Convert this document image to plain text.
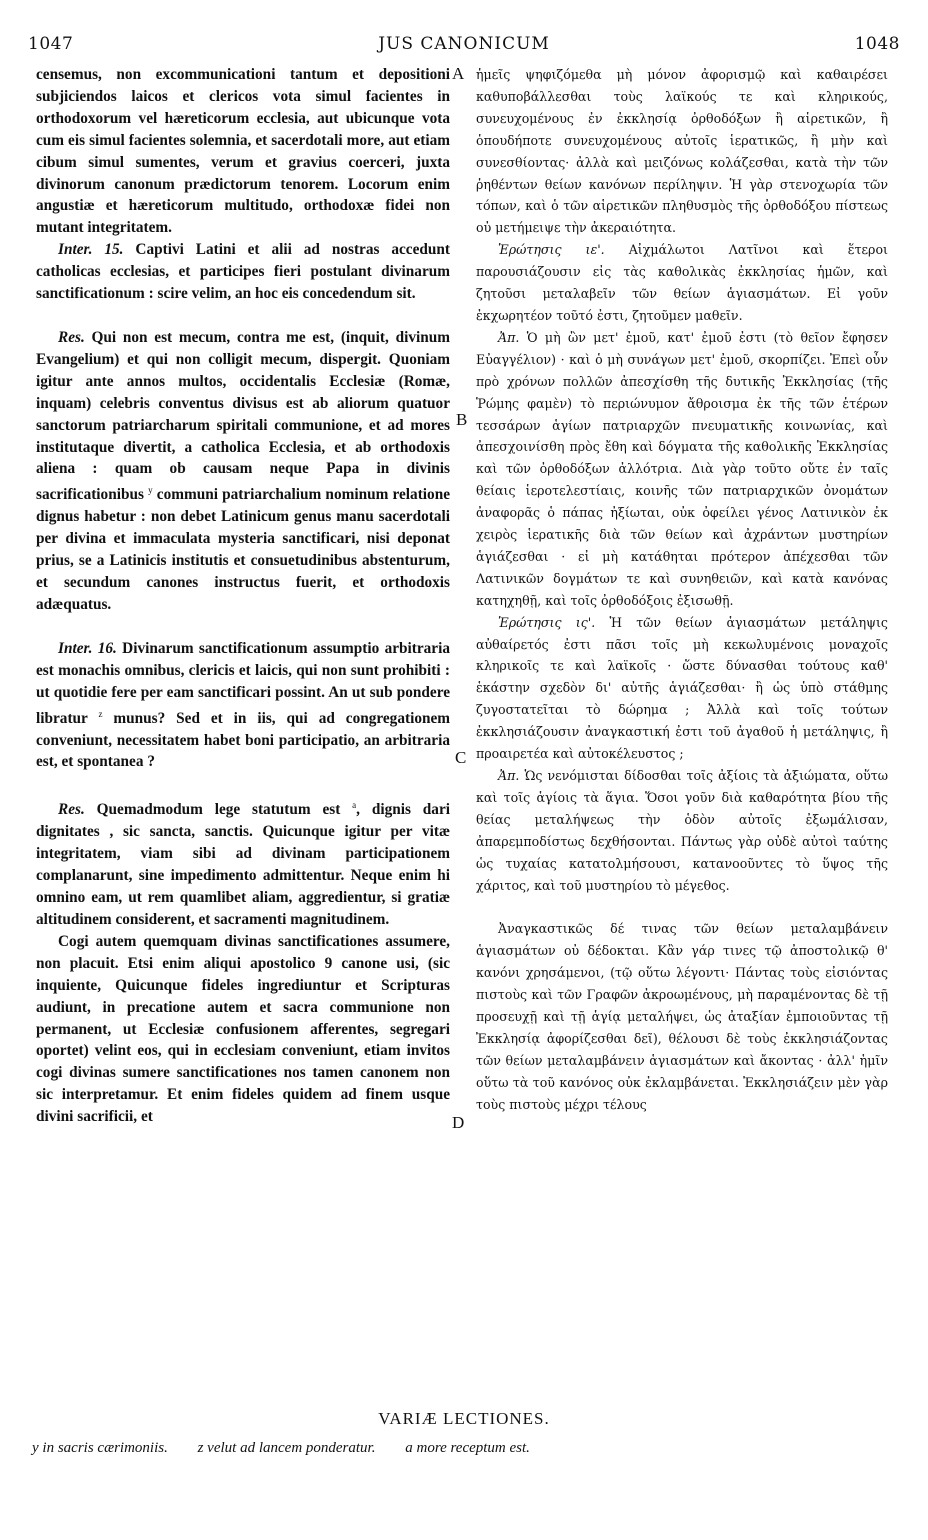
1047	JUS CANONICUM	1048

censemus, non excommunicationi tantum et depositioni subjiciendos laicos et clericos vota simul facientes in orthodoxorum vel hæreticorum ecclesia, aut ubicunque vota cum eis simul facientes solemnia, et sacerdotali more, aut etiam cibum simul sumentes, verum et gravius coerceri, juxta divinorum canonum prædictorum tenorem. Locorum enim angustiæ et hæreticorum multitudo, orthodoxæ fidei non mutant integritatem.

Inter. 15. Captivi Latini et alii ad nostras accedunt catholicas ecclesias, et participes fieri postulant divinarum sanctificationum : scire velim, an hoc eis concedendum sit.

Res. Qui non est mecum, contra me est, (inquit, divinum Evangelium) et qui non colligit mecum, dispergit. Quoniam igitur ante annos multos, occidentalis Ecclesiæ (Romæ, inquam) celebris conventus divisus est ab aliorum quatuor sanctorum patriarcharum spiritali communione, et ad mores institutaque divertit, a catholica Ecclesia, et ab orthodoxis aliena : quam ob causam neque Papa in divinis sacrificationibus $^y$ communi patriarchalium nominum relatione dignus habetur : non debet Latinicum genus manu sacerdotali per divina et immaculata mysteria sanctificari, nisi deponat prius, se a Latinicis institutis et consuetudinibus abstenturum, et secundum canones instructus fuerit, et orthodoxis adæquatus.

Inter. 16. Divinarum sanctificationum assumptio arbitraria est monachis omnibus, clericis et laicis, qui non sunt prohibiti : ut quotidie fere per eam sanctificari possint. An ut sub pondere libratur $^z$ munus? Sed et in iis, qui ad congregationem conveniunt, necessitatem habet boni participatio, an arbitraria est, et spontanea ?

Res. Quemadmodum lege statutum est $^a$, dignis dari dignitates , sic sancta, sanctis. Quicunque igitur per vitæ integritatem, viam sibi ad divinam participationem complanarunt, sine impedimento admittentur. Neque enim hi omnino eam, ut rem quamlibet aliam, aggredientur, si gratiæ altitudinem considerent, et sacramenti magnitudinem.

Cogi autem quemquam divinas sanctificationes assumere, non placuit. Etsi enim aliqui apostolico 9 canone usi, (sic inquiente, Quicunque fideles ingrediuntur et Scripturas audiunt, in precatione autem et sacra communione non permanent, ut Ecclesiæ confusionem afferentes, segregari oportet) velint eos, qui in ecclesiam conveniunt, etiam invitos cogi divinas sumere sanctificationes nos tamen canonem non sic interpretamur. Et enim fideles quidem ad finem usque divini sacrificii, et

A
B
C
D

ἡμεῖς ψηφιζόμεθα μὴ μόνον ἀφορισμῷ καὶ καθαιρέσει καθυποβάλλεσθαι τοὺς λαϊκούς τε καὶ κληρικούς, συνευχομένους ἐν ἐκκλησίᾳ ὀρθοδόξων ἢ αἱρετικῶν, ἢ ὁπουδήποτε συνευχομένους αὐτοῖς ἱερατικῶς, ἢ μὴν καὶ συνεσθίοντας· ἀλλὰ καὶ μειζόνως κολάζεσθαι, κατὰ τὴν τῶν ῥηθέντων θείων κανόνων περίληψιν. Ἡ γὰρ στενοχωρία τῶν τόπων, καὶ ὁ τῶν αἱρετικῶν πληθυσμὸς τῆς ὀρθοδόξου πίστεως οὐ μετήμειψε τὴν ἀκεραιότητα.

Ἐρώτησις ιε'. Αἰχμάλωτοι Λατῖνοι καὶ ἕτεροι παρουσιάζουσιν εἰς τὰς καθολικὰς ἐκκλησίας ἡμῶν, καὶ ζητοῦσι μεταλαβεῖν τῶν θείων ἁγιασμάτων. Εἰ γοῦν ἐκχωρητέον τοῦτό ἐστι, ζητοῦμεν μαθεῖν.

Ἀπ. Ὁ μὴ ὢν μετ' ἐμοῦ, κατ' ἐμοῦ ἐστι (τὸ θεῖον ἔφησεν Εὐαγγέλιον) · καὶ ὁ μὴ συνάγων μετ' ἐμοῦ, σκορπίζει. Ἐπεὶ οὖν πρὸ χρόνων πολλῶν ἀπεσχίσθη τῆς δυτικῆς Ἐκκλησίας (τῆς Ῥώμης φαμὲν) τὸ περιώνυμον ἄθροισμα ἐκ τῆς τῶν ἑτέρων τεσσάρων ἁγίων πατριαρχῶν πνευματικῆς κοινωνίας, καὶ ἀπεσχοινίσθη πρὸς ἔθη καὶ δόγματα τῆς καθολικῆς Ἐκκλησίας καὶ τῶν ὀρθοδόξων ἀλλότρια. Διὰ γὰρ τοῦτο οὔτε ἐν ταῖς θείαις ἱεροτελεστίαις, κοινῆς τῶν πατριαρχικῶν ὀνομάτων ἀναφορᾶς ὁ πάπας ἠξίωται, οὐκ ὀφείλει γένος Λατινικὸν ἐκ χειρὸς ἱερατικῆς διὰ τῶν θείων καὶ ἀχράντων μυστηρίων ἁγιάζεσθαι · εἰ μὴ κατάθηται πρότερον ἀπέχεσθαι τῶν Λατινικῶν δογμάτων τε καὶ συνηθειῶν, καὶ κατὰ κανόνας κατηχηθῇ, καὶ τοῖς ὀρθοδόξοις ἐξισωθῇ.

Ἐρώτησις ις'. Ἡ τῶν θείων ἁγιασμάτων μετάληψις αὐθαίρετός ἐστι πᾶσι τοῖς μὴ κεκωλυμένοις μοναχοῖς κληρικοῖς τε καὶ λαϊκοῖς · ὥστε δύνασθαι τούτους καθ' ἑκάστην σχεδὸν δι' αὐτῆς ἁγιάζεσθαι· ἢ ὡς ὑπὸ στάθμης ζυγοστατεῖται τὸ δώρημα ; Ἀλλὰ καὶ τοῖς τούτων ἐκκλησιάζουσιν ἀναγκαστική ἐστι τοῦ ἀγαθοῦ ἡ μετάληψις, ἢ προαιρετέα καὶ αὐτοκέλευστος ;

Ἀπ. Ὡς νενόμισται δίδοσθαι τοῖς ἀξίοις τὰ ἀξιώματα, οὕτω καὶ τοῖς ἁγίοις τὰ ἅγια. Ὅσοι γοῦν διὰ καθαρότητα βίου τῆς θείας μεταλήψεως τὴν ὁδὸν αὐτοῖς ἐξωμάλισαν, ἀπαρεμποδίστως δεχθήσονται. Πάντως γὰρ οὐδὲ αὐτοὶ ταύτης ὡς τυχαίας κατατολμήσουσι, κατανοοῦντες τὸ ὕψος τῆς χάριτος, καὶ τοῦ μυστηρίου τὸ μέγεθος.

Ἀναγκαστικῶς δέ τινας τῶν θείων μεταλαμβάνειν ἁγιασμάτων οὐ δέδοκται. Κἂν γάρ τινες τῷ ἀποστολικῷ θ' κανόνι χρησάμενοι, (τῷ οὕτω λέγοντι· Πάντας τοὺς εἰσιόντας πιστοὺς καὶ τῶν Γραφῶν ἀκροωμένους, μὴ παραμένοντας δὲ τῇ προσευχῇ καὶ τῇ ἁγίᾳ μεταλήψει, ὡς ἀταξίαν ἐμποιοῦντας τῇ Ἐκκλησίᾳ ἀφορίζεσθαι δεῖ), θέλουσι δὲ τοὺς ἐκκλησιάζοντας τῶν θείων μεταλαμβάνειν ἁγιασμάτων καὶ ἄκοντας · ἀλλ' ἡμῖν οὕτω τὰ τοῦ κανόνος οὐκ ἐκλαμβάνεται. Ἐκκλησιάζειν μὲν γὰρ τοὺς πιστοὺς μέχρι τέλους

VARIÆ LECTIONES.
y in sacris cærimoniis. z velut ad lancem ponderatur. a more receptum est.
